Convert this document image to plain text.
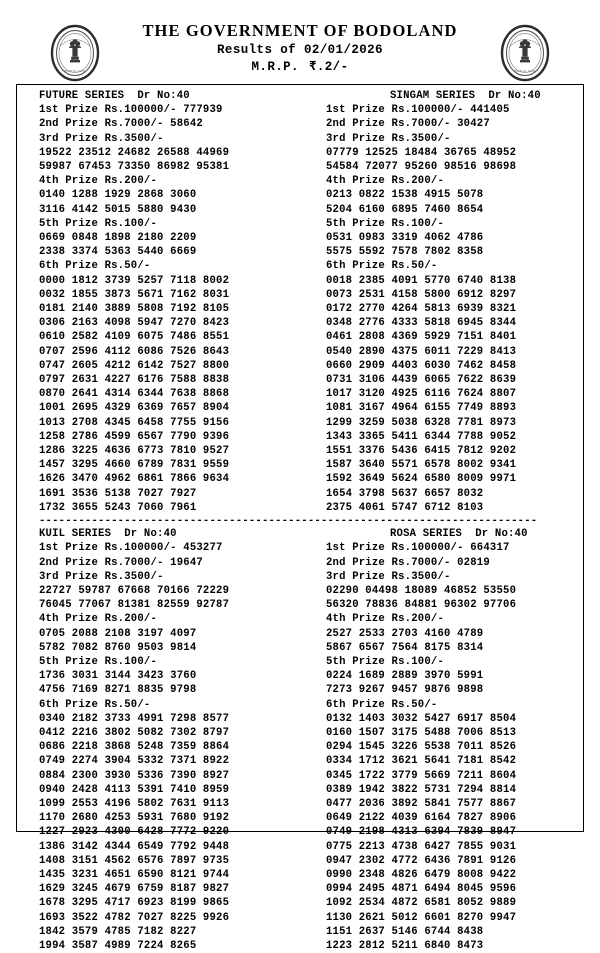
BODOLAND	BODOLAND
THE GOVERNMENT OF BODOLAND
Results of 02/01/2026
M.R.P. ₹.2/-
FUTURE SERIES  Dr No:40
1st Prize Rs.100000/- 777939
2nd Prize Rs.7000/- 58642
3rd Prize Rs.3500/-
19522 23512 24682 26588 44969
59987 67453 73350 86982 95381
4th Prize Rs.200/-
0140 1288 1929 2868 3060
3116 4142 5015 5880 9430
5th Prize Rs.100/-
0669 0848 1898 2180 2209
2338 3374 5363 5440 6669
6th Prize Rs.50/-
0000 1812 3739 5257 7118 8002
0032 1855 3873 5671 7162 8031
0181 2140 3889 5808 7192 8105
0306 2163 4098 5947 7270 8423
0610 2582 4109 6075 7486 8551
0707 2596 4112 6086 7526 8643
0747 2605 4212 6142 7527 8800
0797 2631 4227 6176 7588 8838
0870 2641 4314 6344 7638 8868
1001 2695 4329 6369 7657 8904
1013 2708 4345 6458 7755 9156
1258 2786 4599 6567 7790 9396
1286 3225 4636 6773 7810 9527
1457 3295 4660 6789 7831 9559
1626 3470 4962 6861 7866 9634
1691 3536 5138 7027 7927
1732 3655 5243 7060 7961
SINGAM SERIES  Dr No:40
1st Prize Rs.100000/- 441405
2nd Prize Rs.7000/- 30427
3rd Prize Rs.3500/-
07779 12525 18484 36765 48952
54584 72077 95260 98516 98698
4th Prize Rs.200/-
0213 0822 1538 4915 5078
5204 6160 6895 7460 8654
5th Prize Rs.100/-
0531 0983 3319 4062 4786
5575 5592 7578 7802 8358
6th Prize Rs.50/-
0018 2385 4091 5770 6740 8138
0073 2531 4158 5800 6912 8297
0172 2770 4264 5813 6939 8321
0348 2776 4333 5818 6945 8344
0461 2808 4369 5929 7151 8401
0540 2890 4375 6011 7229 8413
0660 2909 4403 6030 7462 8458
0731 3106 4439 6065 7622 8639
1017 3120 4925 6116 7624 8807
1081 3167 4964 6155 7749 8893
1299 3259 5038 6328 7781 8973
1343 3365 5411 6344 7788 9052
1551 3376 5436 6415 7812 9202
1587 3640 5571 6578 8002 9341
1592 3649 5624 6580 8009 9971
1654 3798 5637 6657 8032
2375 4061 5747 6712 8103
----------------------------------------------------------------------------
KUIL SERIES  Dr No:40
1st Prize Rs.100000/- 453277
2nd Prize Rs.7000/- 19647
3rd Prize Rs.3500/-
22727 59787 67668 70166 72229
76045 77067 81381 82559 92787
4th Prize Rs.200/-
0705 2088 2108 3197 4097
5782 7082 8760 9503 9814
5th Prize Rs.100/-
1736 3031 3144 3423 3760
4756 7169 8271 8835 9798
6th Prize Rs.50/-
0340 2182 3733 4991 7298 8577
0412 2216 3802 5082 7302 8797
0686 2218 3868 5248 7359 8864
0749 2274 3904 5332 7371 8922
0884 2300 3930 5336 7390 8927
0940 2428 4113 5391 7410 8959
1099 2553 4196 5802 7631 9113
1170 2680 4253 5931 7680 9192
1227 2923 4300 6428 7772 9220
1386 3142 4344 6549 7792 9448
1408 3151 4562 6576 7897 9735
1435 3231 4651 6590 8121 9744
1629 3245 4679 6759 8187 9827
1678 3295 4717 6923 8199 9865
1693 3522 4782 7027 8225 9926
1842 3579 4785 7182 8227
1994 3587 4989 7224 8265
ROSA SERIES  Dr No:40
1st Prize Rs.100000/- 664317
2nd Prize Rs.7000/- 02819
3rd Prize Rs.3500/-
02290 04498 18089 46852 53550
56320 78836 84881 96302 97706
4th Prize Rs.200/-
2527 2533 2703 4160 4789
5867 6567 7564 8175 8314
5th Prize Rs.100/-
0224 1689 2889 3970 5991
7273 9267 9457 9876 9898
6th Prize Rs.50/-
0132 1403 3032 5427 6917 8504
0160 1507 3175 5488 7006 8513
0294 1545 3226 5538 7011 8526
0334 1712 3621 5641 7181 8542
0345 1722 3779 5669 7211 8604
0389 1942 3822 5731 7294 8814
0477 2036 3892 5841 7577 8867
0649 2122 4039 6164 7827 8906
0749 2198 4313 6394 7839 8947
0775 2213 4738 6427 7855 9031
0947 2302 4772 6436 7891 9126
0990 2348 4826 6479 8008 9422
0994 2495 4871 6494 8045 9596
1092 2534 4872 6581 8052 9889
1130 2621 5012 6601 8270 9947
1151 2637 5146 6744 8438
1223 2812 5211 6840 8473
